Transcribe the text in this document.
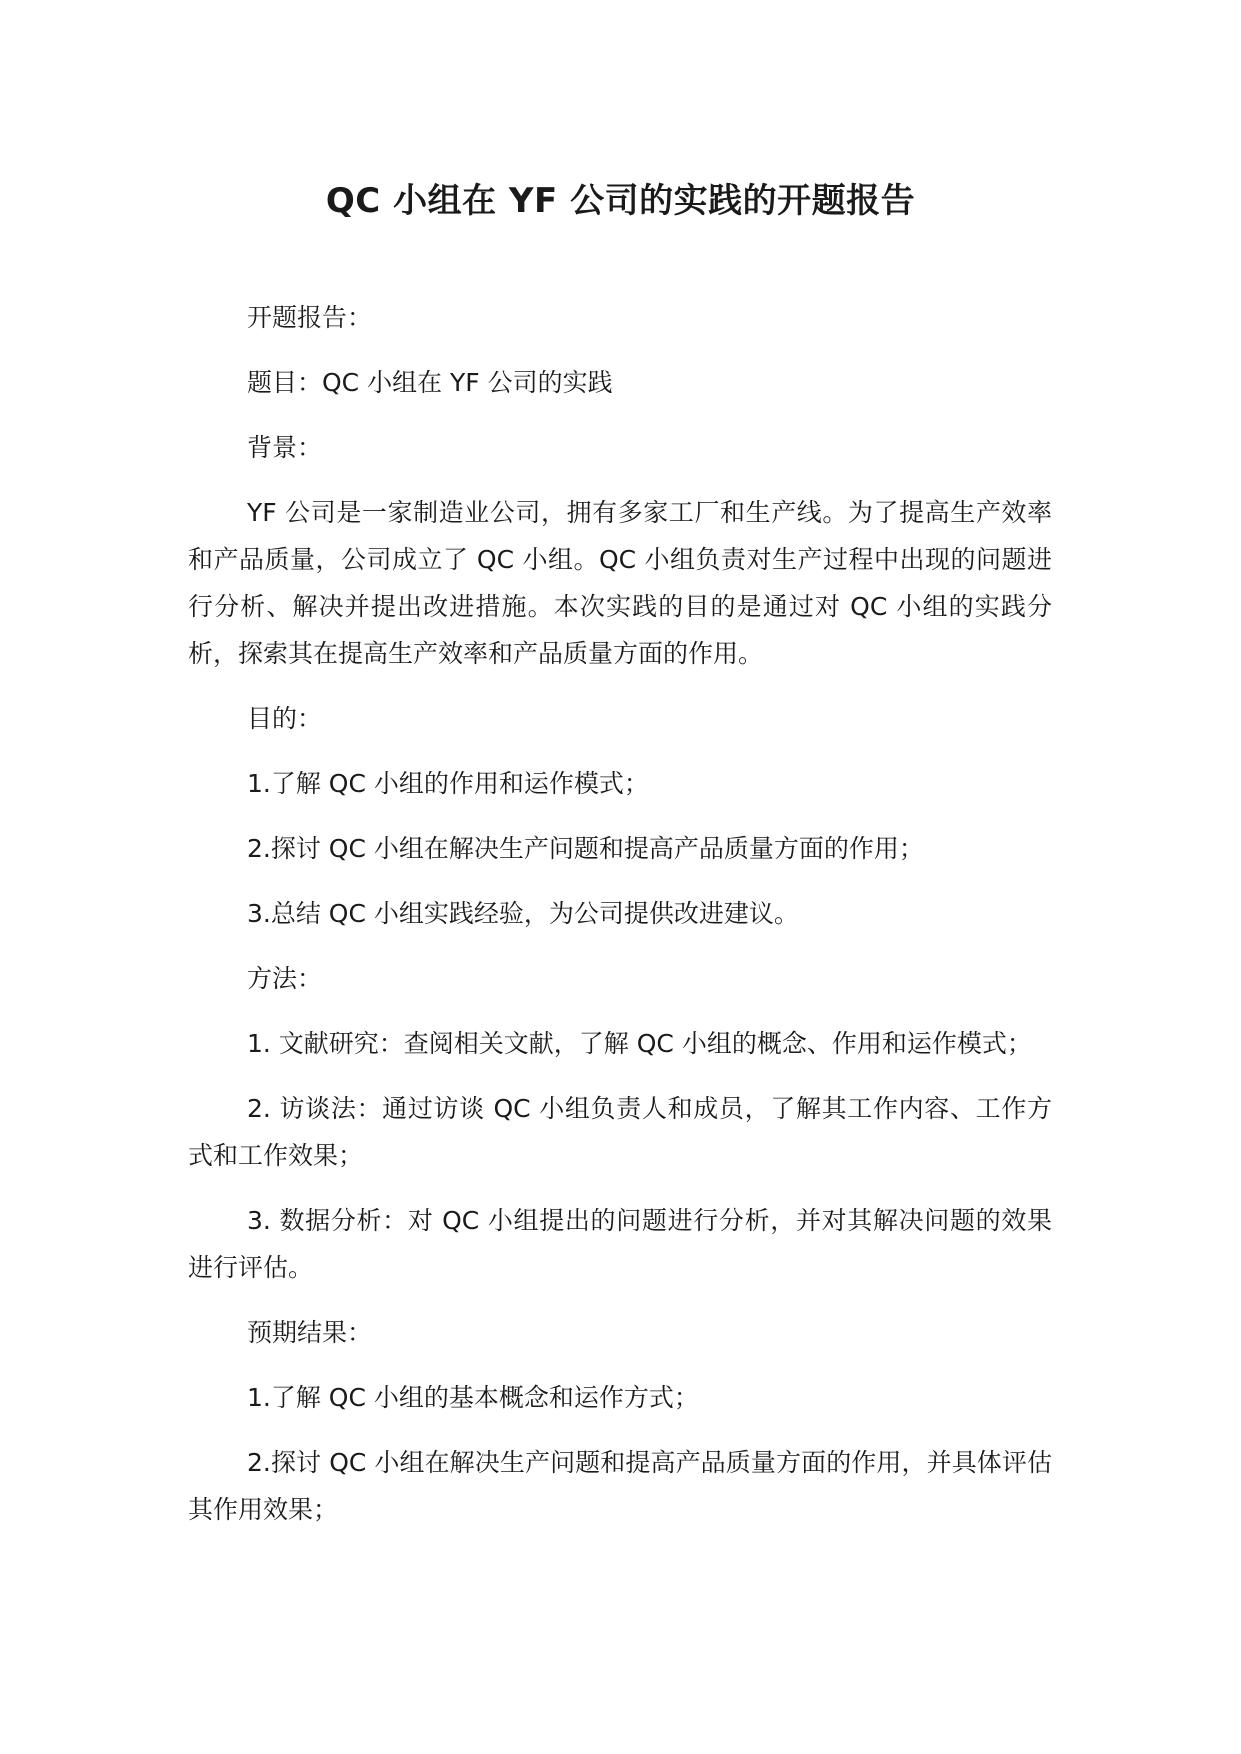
QC 小组在 YF 公司的实践的开题报告

开题报告：

题目：QC 小组在 YF 公司的实践

背景：

YF 公司是一家制造业公司，拥有多家工厂和生产线。为了提高生产效率和产品质量，公司成立了 QC 小组。QC 小组负责对生产过程中出现的问题进行分析、解决并提出改进措施。本次实践的目的是通过对 QC 小组的实践分析，探索其在提高生产效率和产品质量方面的作用。

目的：

1.了解 QC 小组的作用和运作模式；

2.探讨 QC 小组在解决生产问题和提高产品质量方面的作用；

3.总结 QC 小组实践经验，为公司提供改进建议。

方法：

1. 文献研究：查阅相关文献，了解 QC 小组的概念、作用和运作模式；

2. 访谈法：通过访谈 QC 小组负责人和成员，了解其工作内容、工作方式和工作效果；

3. 数据分析：对 QC 小组提出的问题进行分析，并对其解决问题的效果进行评估。

预期结果：

1.了解 QC 小组的基本概念和运作方式；

2.探讨 QC 小组在解决生产问题和提高产品质量方面的作用，并具体评估其作用效果；
